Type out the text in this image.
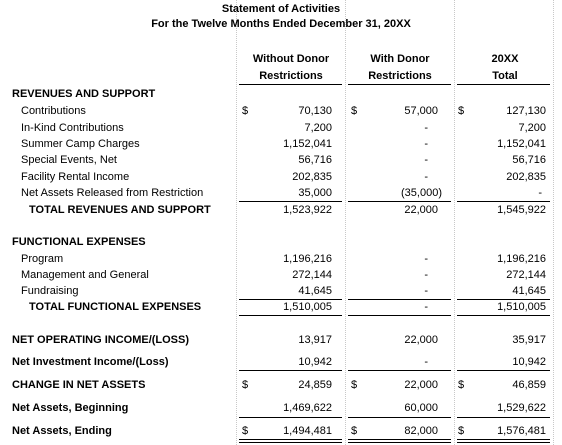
Statement of Activities
For the Twelve Months Ended December 31, 20XX
Without Donor
Restrictions
With Donor
Restrictions
20XX
Total
REVENUES AND SUPPORT
Contributions	$	70,130 $	57,000 $	127,130
In-Kind Contributions	7,200	-	7,200
Summer Camp Charges	1,152,041	-	1,152,041
Special Events, Net	56,716	-	56,716
Facility Rental Income	202,835	-	202,835
Net Assets Released from Restriction	35,000	(35,000)	-
TOTAL REVENUES AND SUPPORT	1,523,922	22,000	1,545,922
FUNCTIONAL EXPENSES
Program	1,196,216	-	1,196,216
Management and General	272,144	-	272,144
Fundraising	41,645	-	41,645
TOTAL FUNCTIONAL EXPENSES	1,510,005	-	1,510,005
NET OPERATING INCOME/(LOSS)	13,917	22,000	35,917
Net Investment Income/(Loss)	10,942	-	10,942
CHANGE IN NET ASSETS	$	24,859 $	22,000 $	46,859
Net Assets, Beginning	1,469,622	60,000	1,529,622
Net Assets, Ending	$	1,494,481 $	82,000 $	1,576,481
